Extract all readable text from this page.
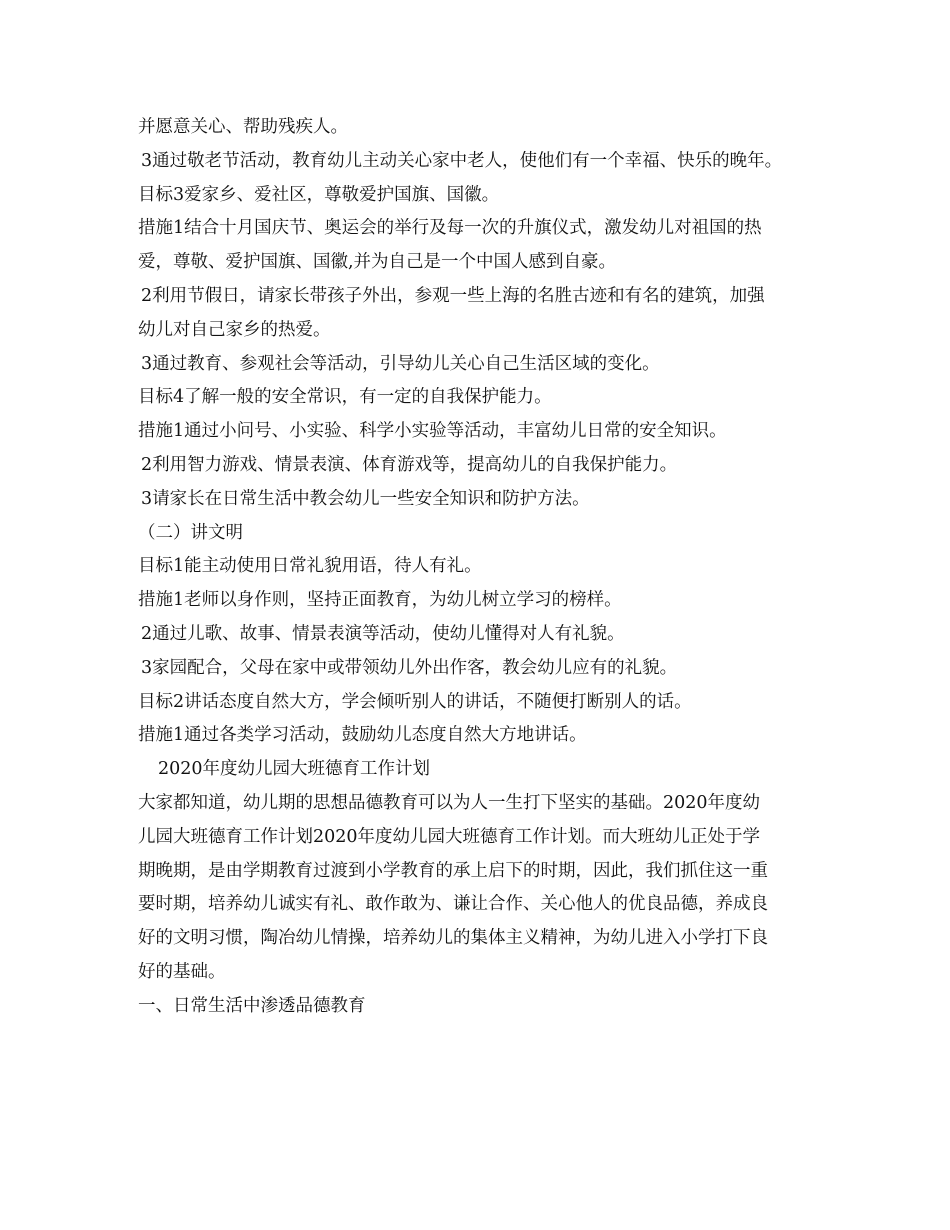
并愿意关心、帮助残疾人。

3通过敬老节活动，教育幼儿主动关心家中老人，使他们有一个幸福、快乐的晚年。

目标3爱家乡、爱社区，尊敬爱护国旗、国徽。

措施1结合十月国庆节、奥运会的举行及每一次的升旗仪式，激发幼儿对祖国的热

爱，尊敬、爱护国旗、国徽,并为自己是一个中国人感到自豪。

2利用节假日，请家长带孩子外出，参观一些上海的名胜古迹和有名的建筑，加强

幼儿对自己家乡的热爱。

3通过教育、参观社会等活动，引导幼儿关心自己生活区域的变化。

目标4了解一般的安全常识，有一定的自我保护能力。

措施1通过小问号、小实验、科学小实验等活动，丰富幼儿日常的安全知识。

2利用智力游戏、情景表演、体育游戏等，提高幼儿的自我保护能力。

3请家长在日常生活中教会幼儿一些安全知识和防护方法。

（二）讲文明

目标1能主动使用日常礼貌用语，待人有礼。

措施1老师以身作则，坚持正面教育，为幼儿树立学习的榜样。

2通过儿歌、故事、情景表演等活动，使幼儿懂得对人有礼貌。

3家园配合，父母在家中或带领幼儿外出作客，教会幼儿应有的礼貌。

目标2讲话态度自然大方，学会倾听别人的讲话，不随便打断别人的话。

措施1通过各类学习活动，鼓励幼儿态度自然大方地讲话。

2020年度幼儿园大班德育工作计划

大家都知道，幼儿期的思想品德教育可以为人一生打下坚实的基础。2020年度幼

儿园大班德育工作计划2020年度幼儿园大班德育工作计划。而大班幼儿正处于学

期晚期，是由学期教育过渡到小学教育的承上启下的时期，因此，我们抓住这一重

要时期，培养幼儿诚实有礼、敢作敢为、谦让合作、关心他人的优良品德，养成良

好的文明习惯，陶冶幼儿情操，培养幼儿的集体主义精神，为幼儿进入小学打下良

好的基础。

一、日常生活中渗透品德教育
